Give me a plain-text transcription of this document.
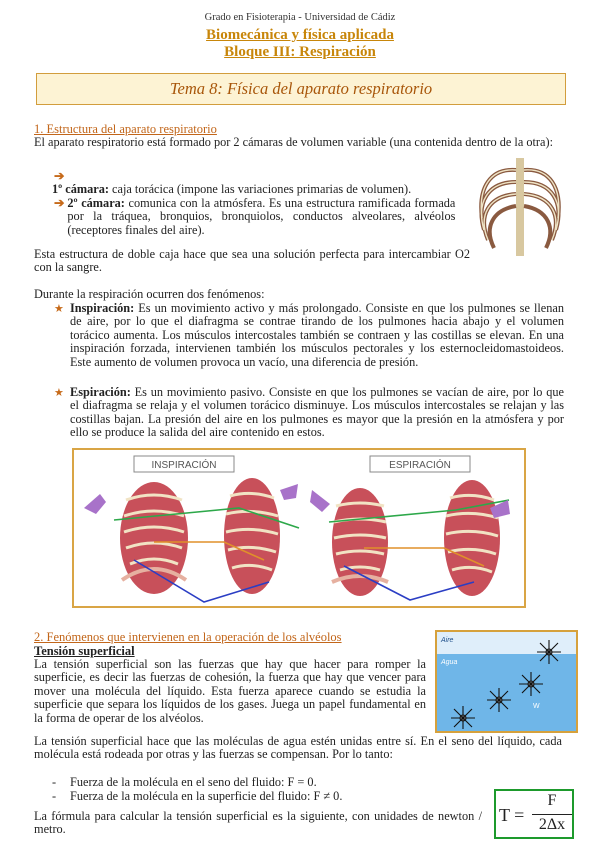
Grado en Fisioterapia - Universidad de Cádiz
Biomecánica y física aplicada
Bloque III: Respiración
Tema 8: Física del aparato respiratorio
1. Estructura del aparato respiratorio
El aparato respiratorio está formado por 2 cámaras de volumen variable (una contenida dentro de la otra):
➔ 1º cámara: caja torácica (impone las variaciones primarias de volumen).
➔ 2º cámara: comunica con la atmósfera. Es una estructura ramificada formada por la tráquea, bronquios, bronquiolos, conductos alveolares, alvéolos (receptores finales del aire).
Esta estructura de doble caja hace que sea una solución perfecta para intercambiar O2 con la sangre.
Durante la respiración ocurren dos fenómenos:
★ Inspiración: Es un movimiento activo y más prolongado. Consiste en que los pulmones se llenan de aire, por lo que el diafragma se contrae tirando de los pulmones hacia abajo y el volumen torácico aumenta. Los músculos intercostales también se contraen y las costillas se elevan. En una inspiración forzada, intervienen también los músculos pectorales y los esternocleidomastoideos. Este aumento de volumen provoca un vacío, una diferencia de presión.
★ Espiración: Es un movimiento pasivo. Consiste en que los pulmones se vacían de aire, por lo que el diafragma se relaja y el volumen torácico disminuye. Los músculos intercostales se relajan y las costillas bajan. La presión del aire en los pulmones es mayor que la presión en la atmósfera y por ello se produce la salida del aire contenido en estos.
INSPIRACIÓN	ESPIRACIÓN
2. Fenómenos que intervienen en la operación de los alvéolos
Tensión superficial
La tensión superficial son las fuerzas que hay que hacer para romper la superficie, es decir las fuerzas de cohesión, la fuerza que hay que vencer para mover una molécula del líquido. Esta fuerza aparece cuando se estudia la superficie que separa los líquidos de los gases. Juega un papel fundamental en la forma de operar de los alvéolos.
Aire
Agua
W
La tensión superficial hace que las moléculas de agua estén unidas entre sí. En el seno del líquido, cada molécula está rodeada por otras y las fuerzas se compensan. Por lo tanto:
- Fuerza de la molécula en el seno del fluido: F = 0.
- Fuerza de la molécula en la superficie del fluido: F ≠ 0.
La fórmula para calcular la tensión superficial es la siguiente, con unidades de newton / metro.
T =
F
2Δx
